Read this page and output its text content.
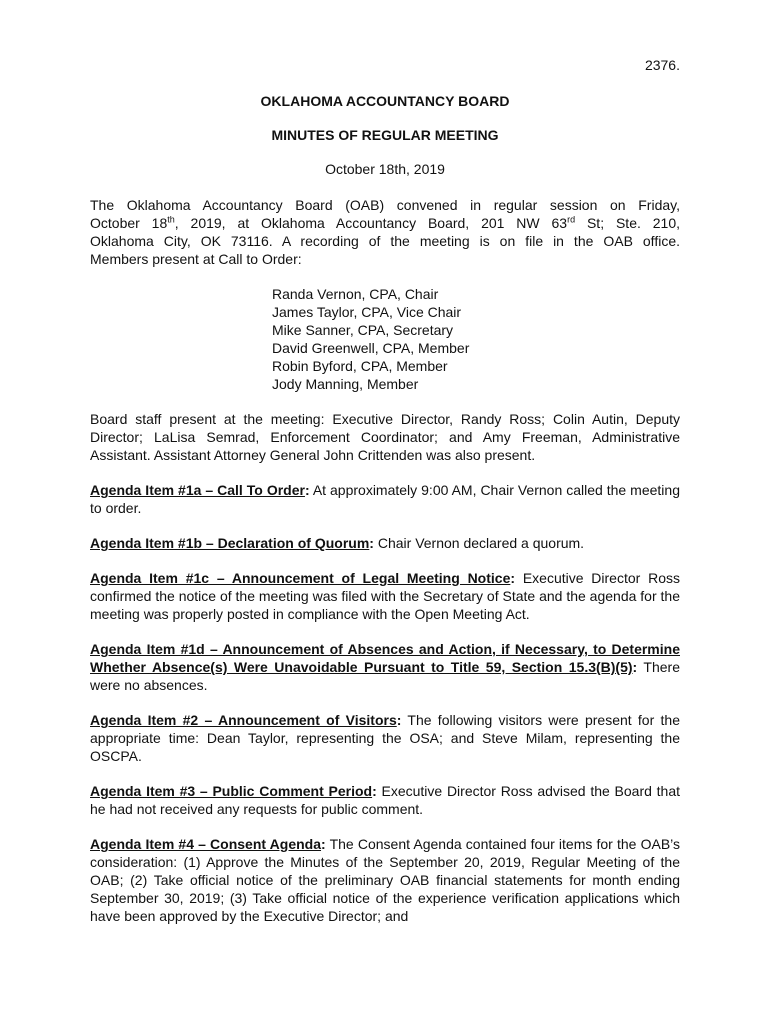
2376.
OKLAHOMA ACCOUNTANCY BOARD
MINUTES OF REGULAR MEETING
October 18th, 2019

The Oklahoma Accountancy Board (OAB) convened in regular session on Friday,
October 18th, 2019, at Oklahoma Accountancy Board, 201 NW 63rd St; Ste. 210,
Oklahoma City, OK 73116. A recording of the meeting is on file in the OAB office.
Members present at Call to Order:

Randa Vernon, CPA, Chair
James Taylor, CPA, Vice Chair
Mike Sanner, CPA, Secretary
David Greenwell, CPA, Member
Robin Byford, CPA, Member
Jody Manning, Member

Board staff present at the meeting: Executive Director, Randy Ross; Colin Autin, Deputy Director; LaLisa Semrad, Enforcement Coordinator; and Amy Freeman, Administrative Assistant. Assistant Attorney General John Crittenden was also present.

Agenda Item #1a – Call To Order: At approximately 9:00 AM, Chair Vernon called the meeting to order.

Agenda Item #1b – Declaration of Quorum: Chair Vernon declared a quorum.

Agenda Item #1c – Announcement of Legal Meeting Notice: Executive Director Ross confirmed the notice of the meeting was filed with the Secretary of State and the agenda for the meeting was properly posted in compliance with the Open Meeting Act.

Agenda Item #1d – Announcement of Absences and Action, if Necessary, to Determine Whether Absence(s) Were Unavoidable Pursuant to Title 59, Section 15.3(B)(5): There were no absences.

Agenda Item #2 – Announcement of Visitors: The following visitors were present for the appropriate time: Dean Taylor, representing the OSA; and Steve Milam, representing the OSCPA.

Agenda Item #3 – Public Comment Period: Executive Director Ross advised the Board that he had not received any requests for public comment.

Agenda Item #4 – Consent Agenda: The Consent Agenda contained four items for the OAB’s consideration: (1) Approve the Minutes of the September 20, 2019, Regular Meeting of the OAB; (2) Take official notice of the preliminary OAB financial statements for month ending September 30, 2019; (3) Take official notice of the experience verification applications which have been approved by the Executive Director; and
